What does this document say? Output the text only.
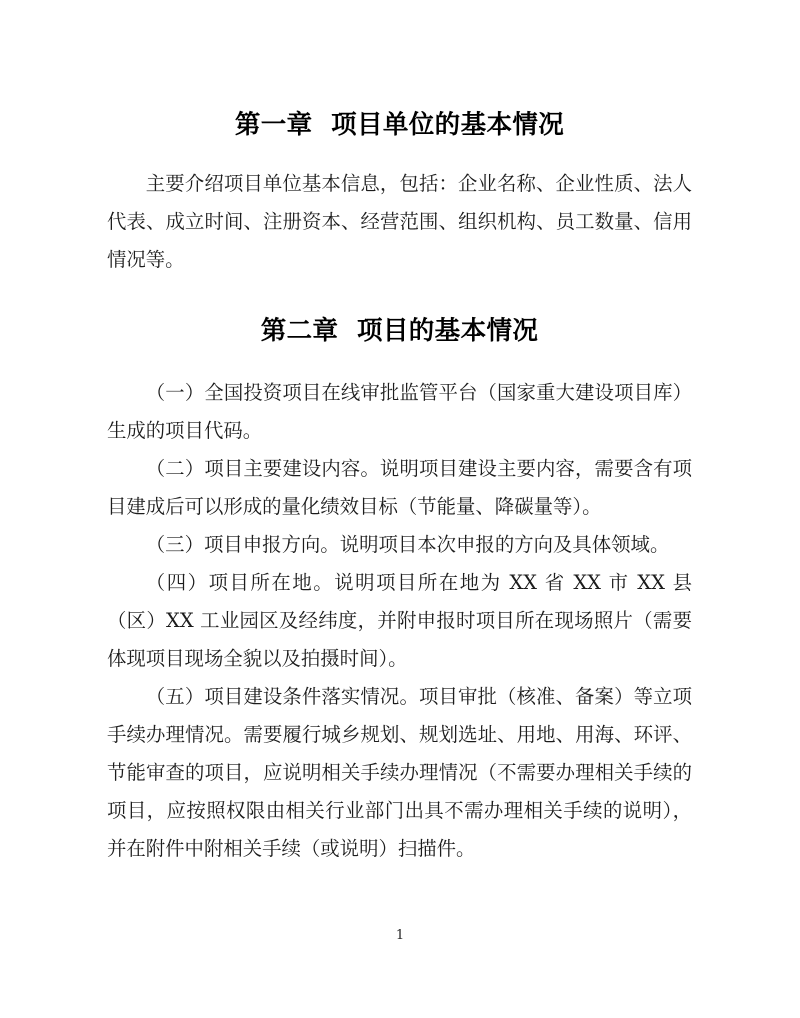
第一章  项目单位的基本情况

主要介绍项目单位基本信息，包括：企业名称、企业性质、法人代表、成立时间、注册资本、经营范围、组织机构、员工数量、信用情况等。

第二章  项目的基本情况

（一）全国投资项目在线审批监管平台（国家重大建设项目库）生成的项目代码。

（二）项目主要建设内容。说明项目建设主要内容，需要含有项目建成后可以形成的量化绩效目标（节能量、降碳量等）。

（三）项目申报方向。说明项目本次申报的方向及具体领域。

（四）项目所在地。说明项目所在地为 XX 省 XX 市 XX 县（区）XX 工业园区及经纬度，并附申报时项目所在现场照片（需要体现项目现场全貌以及拍摄时间）。

（五）项目建设条件落实情况。项目审批（核准、备案）等立项手续办理情况。需要履行城乡规划、规划选址、用地、用海、环评、节能审查的项目，应说明相关手续办理情况（不需要办理相关手续的项目，应按照权限由相关行业部门出具不需办理相关手续的说明），并在附件中附相关手续（或说明）扫描件。

1
